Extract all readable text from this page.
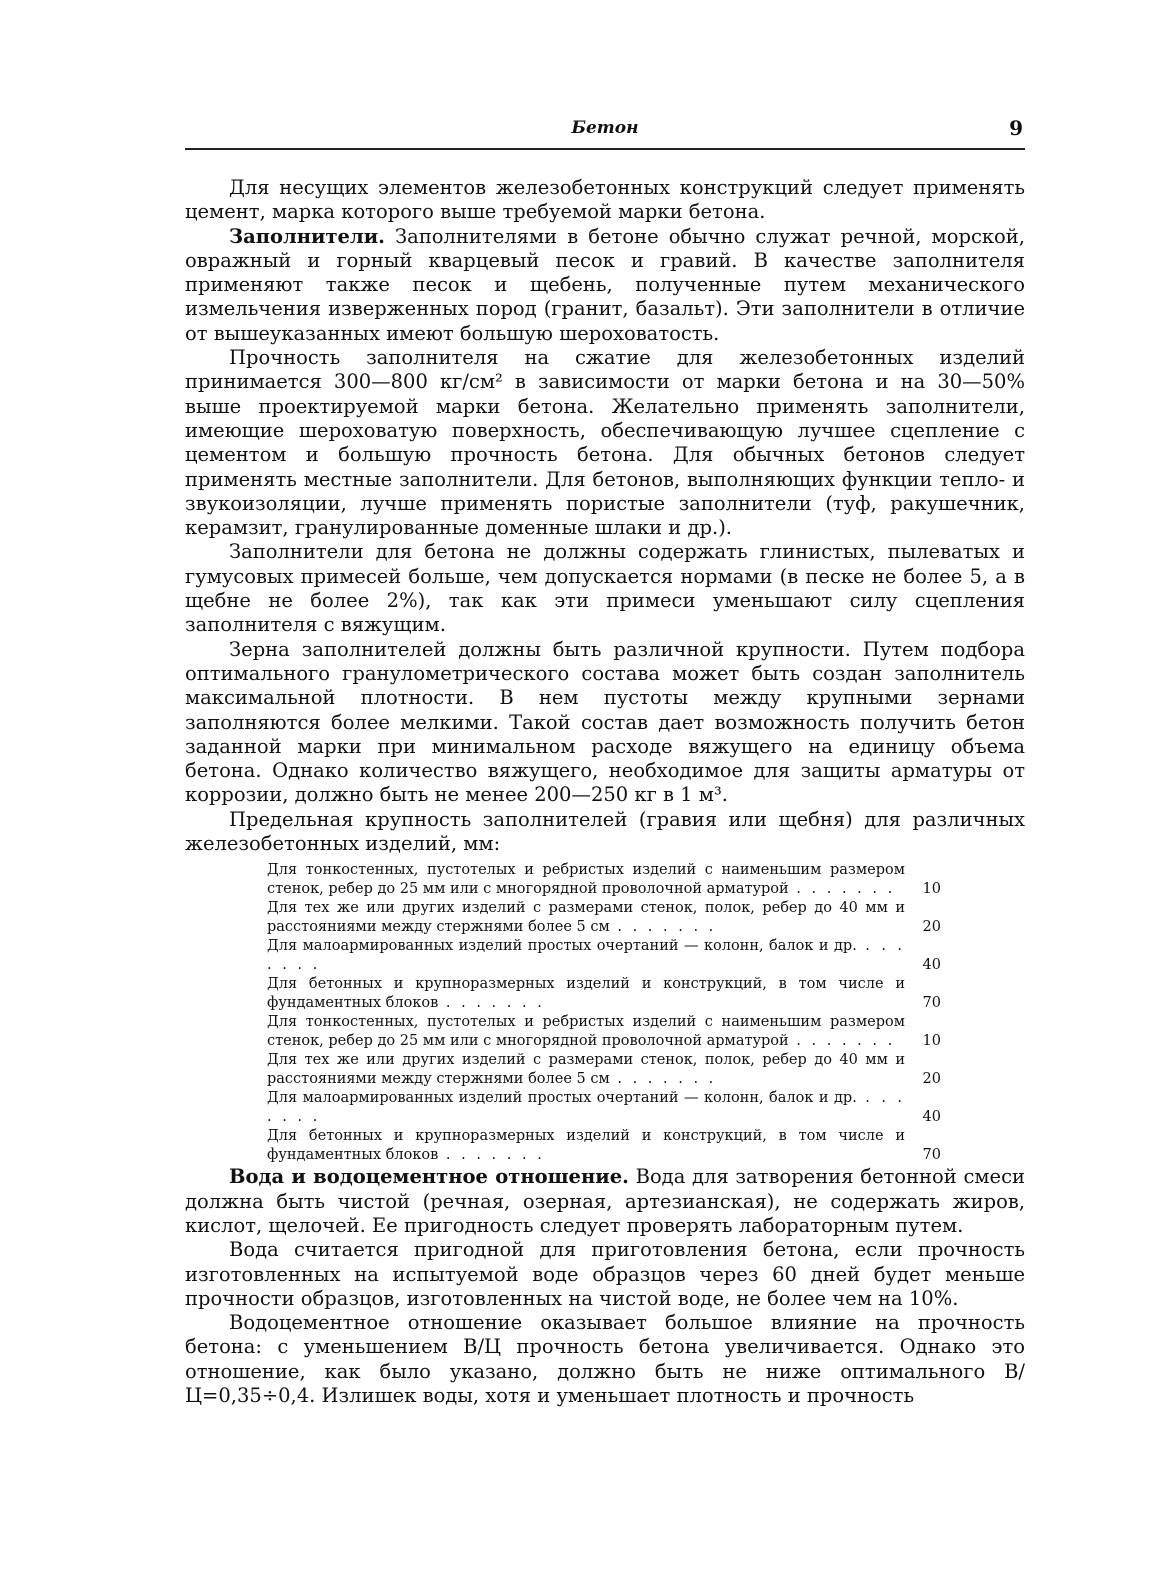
Бетон	9

Для несущих элементов железобетонных конструкций следует применять цемент, марка которого выше требуемой марки бетона.

Заполнители. Заполнителями в бетоне обычно служат речной, морской, овражный и горный кварцевый песок и гравий. В качестве заполнителя применяют также песок и щебень, полученные путем механического измельчения изверженных пород (гранит, базальт). Эти заполнители в отличие от вышеуказанных имеют большую шероховатость.

Прочность заполнителя на сжатие для железобетонных изделий принимается 300—800 кг/см² в зависимости от марки бетона и на 30—50% выше проектируемой марки бетона. Желательно применять заполнители, имеющие шероховатую поверхность, обеспечивающую лучшее сцепление с цементом и большую прочность бетона. Для обычных бетонов следует применять местные заполнители. Для бетонов, выполняющих функции тепло- и звукоизоляции, лучше применять пористые заполнители (туф, ракушечник, керамзит, гранулированные доменные шлаки и др.).

Заполнители для бетона не должны содержать глинистых, пылеватых и гумусовых примесей больше, чем допускается нормами (в песке не более 5, а в щебне не более 2%), так как эти примеси уменьшают силу сцепления заполнителя с вяжущим.

Зерна заполнителей должны быть различной крупности. Путем подбора оптимального гранулометрического состава может быть создан заполнитель максимальной плотности. В нем пустоты между крупными зернами заполняются более мелкими. Такой состав дает возможность получить бетон заданной марки при минимальном расходе вяжущего на единицу объема бетона. Однако количество вяжущего, необходимое для защиты арматуры от коррозии, должно быть не менее 200—250 кг в 1 м³.

Предельная крупность заполнителей (гравия или щебня) для различных железобетонных изделий, мм:

Для тонкостенных, пустотелых и ребристых изделий с наименьшим размером стенок, ребер до 25 мм или с многорядной проволочной арматурой . . . . . . .	10
Для тех же или других изделий с размерами стенок, полок, ребер до 40 мм и расстояниями между стержнями более 5 см . . . . . . .	20
Для малоармированных изделий простых очертаний — колонн, балок и др. . . . . . . .	40
Для бетонных и крупноразмерных изделий и конструкций, в том числе и фундаментных блоков . . . . . . .	70
Для тонкостенных, пустотелых и ребристых изделий с наименьшим размером стенок, ребер до 25 мм или с многорядной проволочной арматурой . . . . . . .	10
Для тех же или других изделий с размерами стенок, полок, ребер до 40 мм и расстояниями между стержнями более 5 см . . . . . . .	20
Для малоармированных изделий простых очертаний — колонн, балок и др. . . . . . . .	40
Для бетонных и крупноразмерных изделий и конструкций, в том числе и фундаментных блоков . . . . . . .	70

Вода и водоцементное отношение. Вода для затворения бетонной смеси должна быть чистой (речная, озерная, артезианская), не содержать жиров, кислот, щелочей. Ее пригодность следует проверять лабораторным путем.

Вода считается пригодной для приготовления бетона, если прочность изготовленных на испытуемой воде образцов через 60 дней будет меньше прочности образцов, изготовленных на чистой воде, не более чем на 10%.

Водоцементное отношение оказывает большое влияние на прочность бетона: с уменьшением В/Ц прочность бетона увеличивается. Однако это отношение, как было указано, должно быть не ниже оптимального В/Ц=0,35÷0,4. Излишек воды, хотя и уменьшает плотность и прочность
